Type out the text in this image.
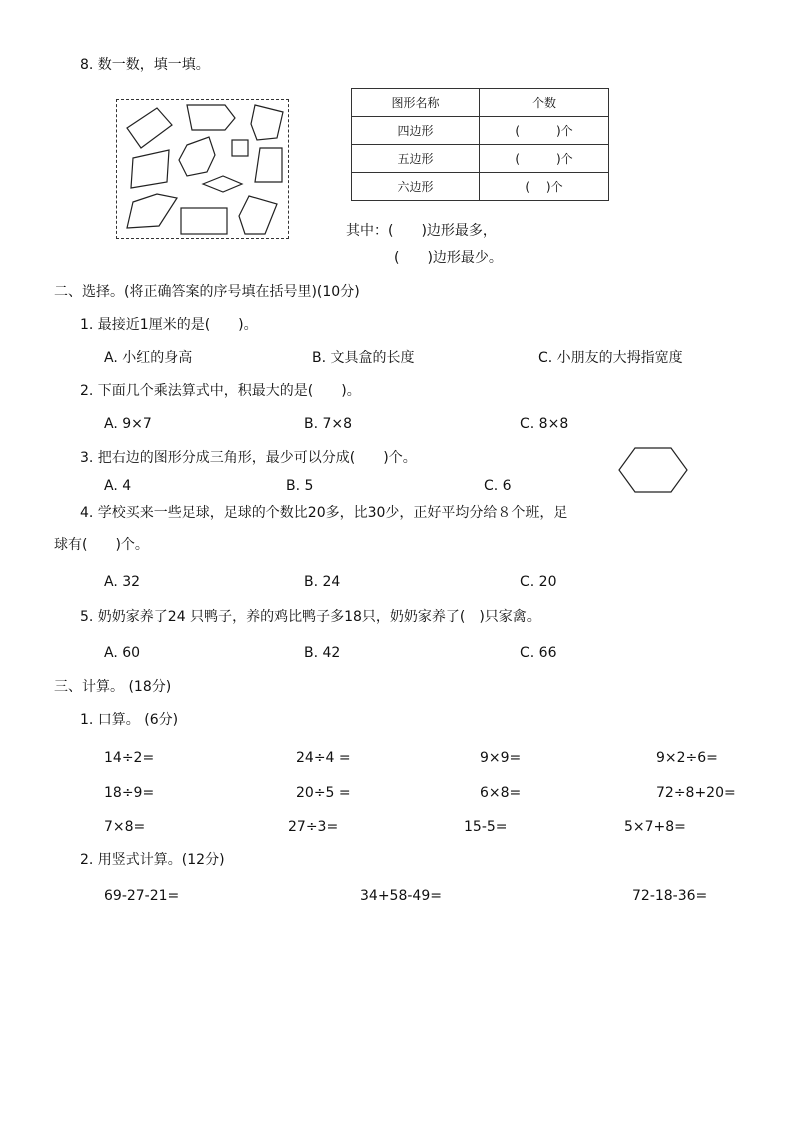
8. 数一数，填一填。
图形名称	个数
四边形	(　　　)个
五边形	(　　　)个
六边形	(　 )个
其中：(　　)边形最多，
(　　)边形最少。
二、选择。(将正确答案的序号填在括号里)(10分)
1. 最接近1厘米的是(　　)。
A. 小红的身高	B. 文具盒的长度	C. 小朋友的大拇指宽度
2. 下面几个乘法算式中，积最大的是(　　)。
A. 9×7	B. 7×8	C. 8×8
3. 把右边的图形分成三角形，最少可以分成(　　)个。
A. 4	B. 5	C. 6
4. 学校买来一些足球，足球的个数比20多，比30少，正好平均分给８个班，足
球有(　　)个。
A. 32	B. 24	C. 20
5. 奶奶家养了24 只鸭子，养的鸡比鸭子多18只，奶奶家养了(　)只家禽。
A. 60	B. 42	C. 66
三、计算。 (18分)
1. 口算。 (6分)
14÷2=	24÷4 =	9×9=	9×2÷6=
18÷9=	20÷5 =	6×8=	72÷8+20=
7×8=	27÷3=	15-5=	5×7+8=
2. 用竖式计算。(12分)
69-27-21=	34+58-49=	72-18-36=
